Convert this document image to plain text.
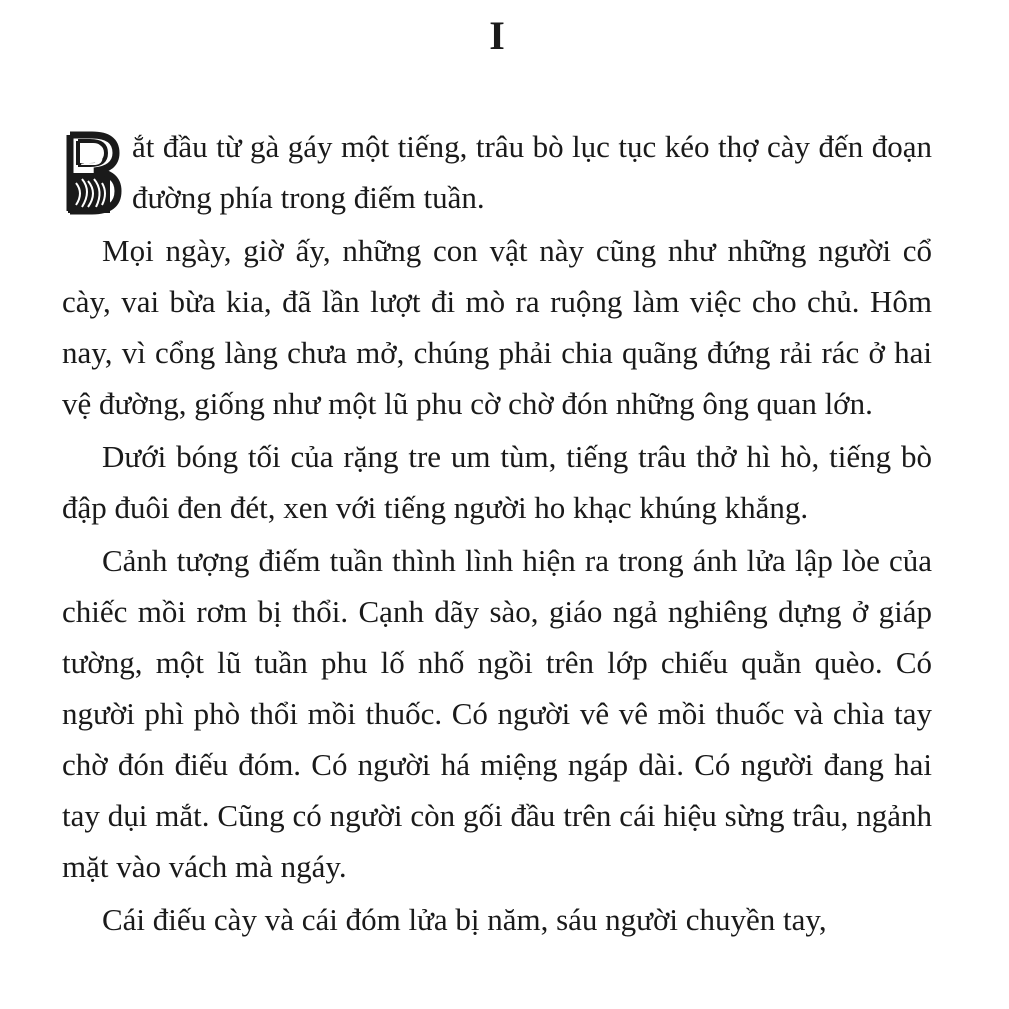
I

B ắt đầu từ gà gáy một tiếng, trâu bò lục tục kéo thợ cày đến đoạn đường phía trong điếm tuần.

Mọi ngày, giờ ấy, những con vật này cũng như những người cổ cày, vai bừa kia, đã lần lượt đi mò ra ruộng làm việc cho chủ. Hôm nay, vì cổng làng chưa mở, chúng phải chia quãng đứng rải rác ở hai vệ đường, giống như một lũ phu cờ chờ đón những ông quan lớn.

Dưới bóng tối của rặng tre um tùm, tiếng trâu thở hì hò, tiếng bò đập đuôi đen đét, xen với tiếng người ho khạc khúng khắng.

Cảnh tượng điếm tuần thình lình hiện ra trong ánh lửa lập lòe của chiếc mồi rơm bị thổi. Cạnh dãy sào, giáo ngả nghiêng dựng ở giáp tường, một lũ tuần phu lố nhố ngồi trên lớp chiếu quằn quèo. Có người phì phò thổi mồi thuốc. Có người vê vê mồi thuốc và chìa tay chờ đón điếu đóm. Có người há miệng ngáp dài. Có người đang hai tay dụi mắt. Cũng có người còn gối đầu trên cái hiệu sừng trâu, ngảnh mặt vào vách mà ngáy.

Cái điếu cày và cái đóm lửa bị năm, sáu người chuyền tay,
